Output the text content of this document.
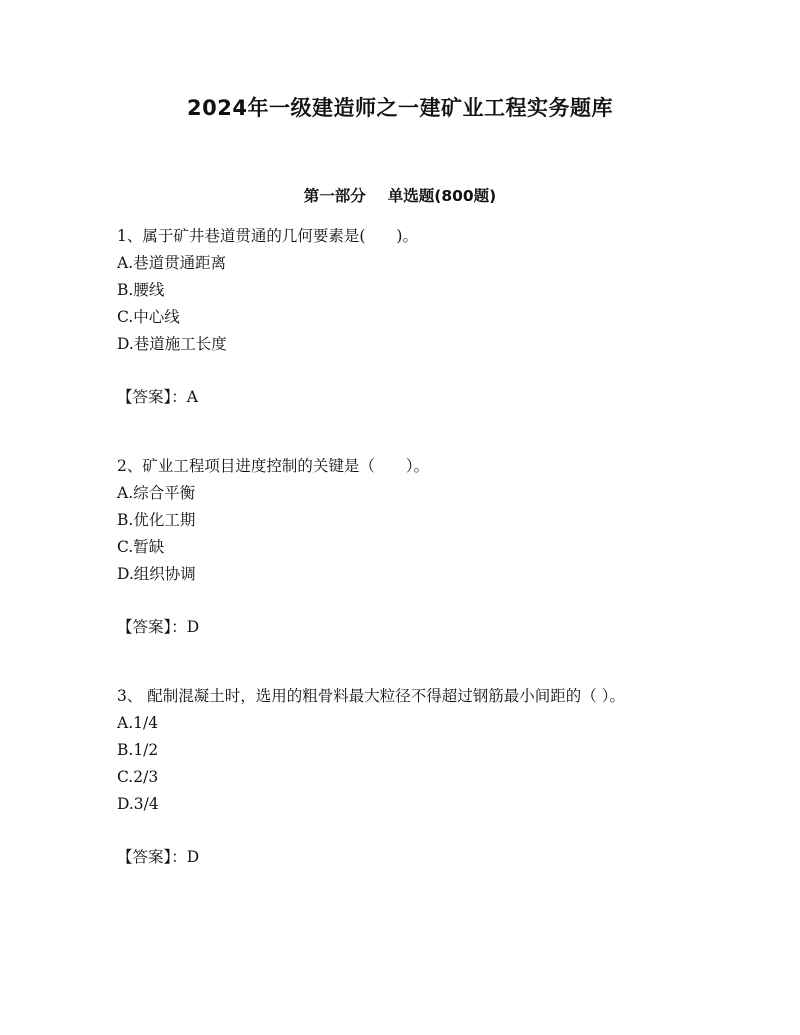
2024年一级建造师之一建矿业工程实务题库
第一部分 单选题(800题)
1、属于矿井巷道贯通的几何要素是(　　)。
A.巷道贯通距离
B.腰线
C.中心线
D.巷道施工长度
【答案】：A
2、矿业工程项目进度控制的关键是（　　）。
A.综合平衡
B.优化工期
C.暂缺
D.组织协调
【答案】：D
3、 配制混凝土时，选用的粗骨料最大粒径不得超过钢筋最小间距的（ ）。
A.1/4
B.1/2
C.2/3
D.3/4
【答案】：D
